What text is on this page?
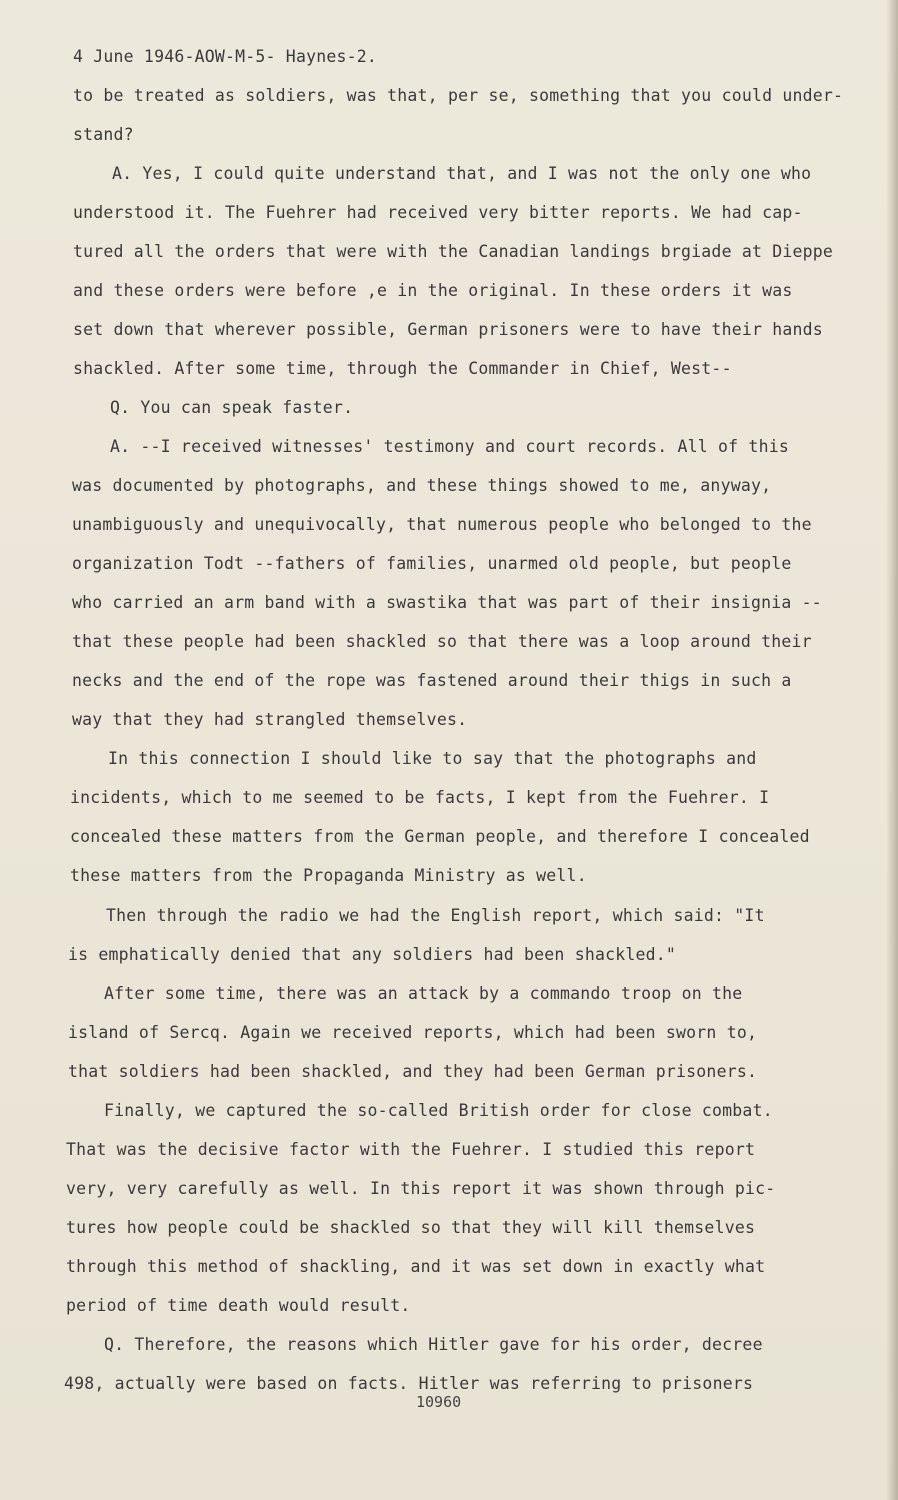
4 June 1946-AOW-M-5- Haynes-2.
to be treated as soldiers, was that, per se, something that you could under-
stand?
A. Yes, I could quite understand that, and I was not the only one who
understood it. The Fuehrer had received very bitter reports. We had cap-
tured all the orders that were with the Canadian landings brgiade at Dieppe
and these orders were before ,e in the original. In these orders it was
set down that wherever possible, German prisoners were to have their hands
shackled. After some time, through the Commander in Chief, West--
Q. You can speak faster.
A. --I received witnesses' testimony and court records. All of this
was documented by photographs, and these things showed to me, anyway,
unambiguously and unequivocally, that numerous people who belonged to the
organization Todt --fathers of families, unarmed old people, but people
who carried an arm band with a swastika that was part of their insignia --
that these people had been shackled so that there was a loop around their
necks and the end of the rope was fastened around their thigs in such a
way that they had strangled themselves.
In this connection I should like to say that the photographs and
incidents, which to me seemed to be facts, I kept from the Fuehrer. I
concealed these matters from the German people, and therefore I concealed
these matters from the Propaganda Ministry as well.
Then through the radio we had the English report, which said: "It
is emphatically denied that any soldiers had been shackled."
After some time, there was an attack by a commando troop on the
island of Sercq. Again we received reports, which had been sworn to,
that soldiers had been shackled, and they had been German prisoners.
Finally, we captured the so-called British order for close combat.
That was the decisive factor with the Fuehrer. I studied this report
very, very carefully as well. In this report it was shown through pic-
tures how people could be shackled so that they will kill themselves
through this method of shackling, and it was set down in exactly what
period of time death would result.
Q. Therefore, the reasons which Hitler gave for his order, decree
498, actually were based on facts. Hitler was referring to prisoners
10960
